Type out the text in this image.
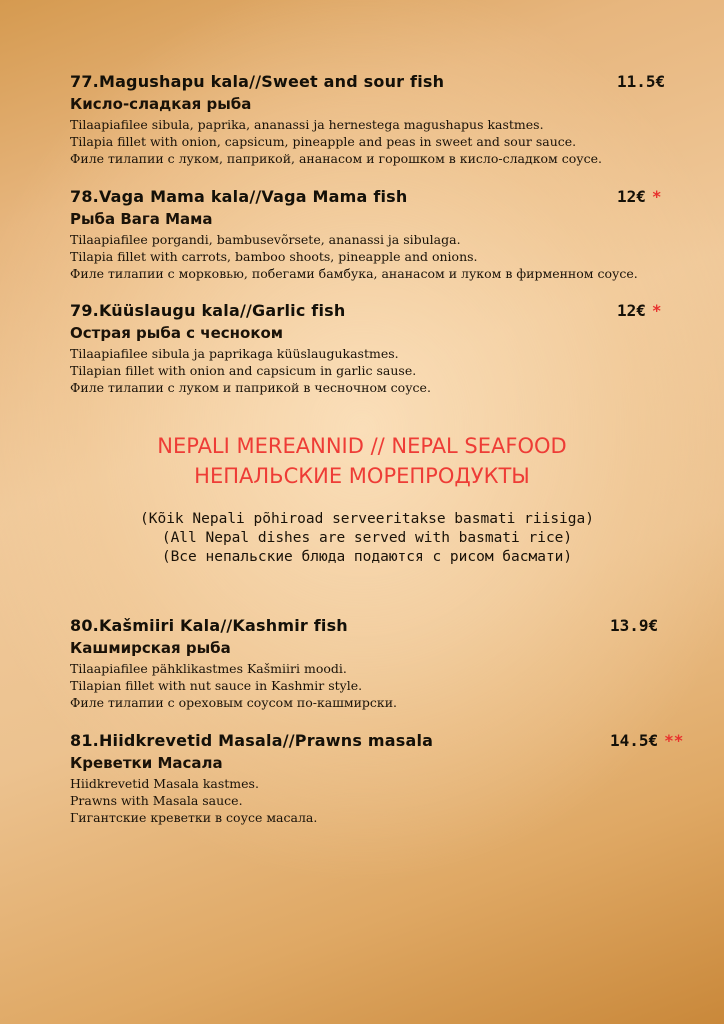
77.Magushapu kala//Sweet and sour fish	11.5€
Кисло-сладкая рыба
Tilaapiafilee sibula, paprika, ananassi ja hernestega magushapus kastmes.
Tilapia fillet with onion, capsicum, pineapple and peas in sweet and sour sauce.
Филе тилапии с луком, паприкой, ананасом и горошком в кисло-сладком соусе.
78.Vaga Mama kala//Vaga Mama fish	12€ *
Рыба Вага Мама
Tilaapiafilee porgandi, bambusevõrsete, ananassi ja sibulaga.
Tilapia fillet with carrots, bamboo shoots, pineapple and onions.
Филе тилапии с морковью, побегами бамбука, ананасом и луком в фирменном соусе.
79.Küüslaugu kala//Garlic fish	12€ *
Острая рыба с чесноком
Tilaapiafilee sibula ja paprikaga küüslaugukastmes.
Tilapian fillet with onion and capsicum in garlic sause.
Филе тилапии с луком и паприкой в чесночном соусе.
NEPALI MEREANNID // NEPAL SEAFOOD
НЕПАЛЬСКИЕ МОРЕПРОДУКТЫ
(Kõik Nepali põhiroad serveeritakse basmati riisiga)
(All Nepal dishes are served with basmati rice)
(Все непальские блюда подаются с рисом басмати)
80.Kašmiiri Kala//Kashmir fish	13.9€
Кашмирская рыба
Tilaapiafilee pähklikastmes Kašmiiri moodi.
Tilapian fillet with nut sauce in Kashmir style.
Филе тилапии с ореховым соусом по-кашмирски.
81.Hiidkrevetid Masala//Prawns masala	14.5€ **
Креветки Масала
Hiidkrevetid Masala kastmes.
Prawns with Masala sauce.
Гигантские креветки в соусе масала.
